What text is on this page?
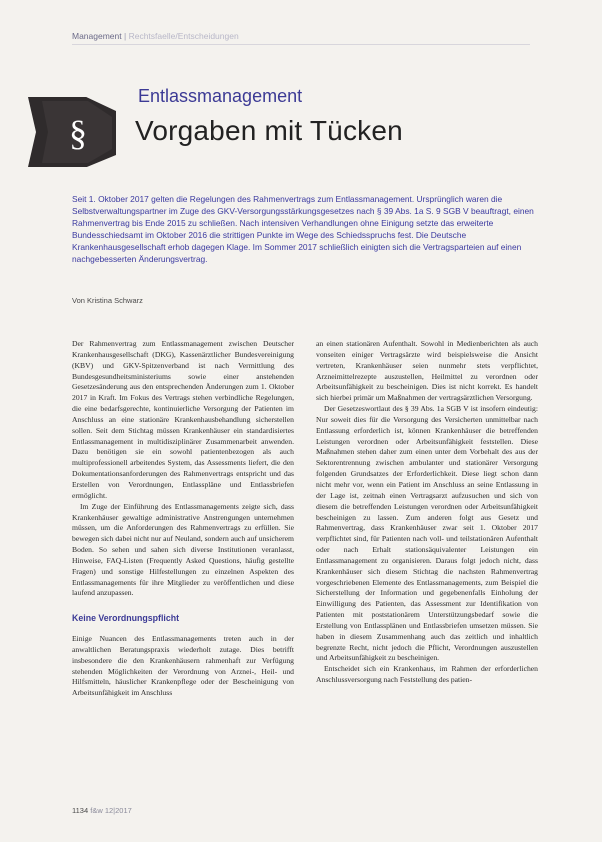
Management | Rechtsfaelle/Entscheidungen
§
Entlassmanagement
Vorgaben mit Tücken
Seit 1. Oktober 2017 gelten die Regelungen des Rahmenvertrags zum Entlassmanagement. Ursprünglich waren die Selbstverwaltungspartner im Zuge des GKV-Versorgungsstärkungsgesetzes nach § 39 Abs. 1a S. 9 SGB V beauftragt, einen Rahmenvertrag bis Ende 2015 zu schließen. Nach intensiven Verhandlungen ohne Einigung setzte das erweiterte Bundesschiedsamt im Oktober 2016 die strittigen Punkte im Wege des Schiedsspruchs fest. Die Deutsche Krankenhausgesellschaft erhob dagegen Klage. Im Sommer 2017 schließlich einigten sich die Vertragsparteien auf einen nachgebesserten Änderungsvertrag.
Von Kristina Schwarz

Der Rahmenvertrag zum Entlassmanagement zwischen Deutscher Krankenhausgesellschaft (DKG), Kassenärztlicher Bundesvereinigung (KBV) und GKV-Spitzenverband ist nach Vermittlung des Bundesgesundheitsministeriums sowie einer anstehenden Gesetzesänderung aus den entsprechenden Änderungen zum 1. Oktober 2017 in Kraft. Im Fokus des Vertrags stehen verbindliche Regelungen, die eine bedarfsgerechte, kontinuierliche Versorgung der Patienten im Anschluss an eine stationäre Krankenhausbehandlung sicherstellen sollen. Seit dem Stichtag müssen Krankenhäuser ein standardisiertes Entlassmanagement in multidisziplinärer Zusammenarbeit anwenden. Dazu benötigen sie ein sowohl patientenbezogen als auch multiprofessionell arbeitendes System, das Assessments liefert, die den Dokumentationsanforderungen des Rahmenvertrags entspricht und das Erstellen von Verordnungen, Entlasspläne und Entlassbriefen ermöglicht.

Im Zuge der Einführung des Entlassmanagements zeigte sich, dass Krankenhäuser gewaltige administrative Anstrengungen unternehmen müssen, um die Anforderungen des Rahmenvertrags zu erfüllen. Sie bewegen sich dabei nicht nur auf Neuland, sondern auch auf unsicherem Boden. So sehen und sahen sich diverse Institutionen veranlasst, Hinweise, FAQ-Listen (Frequently Asked Questions, häufig gestellte Fragen) und sonstige Hilfestellungen zu einzelnen Aspekten des Entlassmanagements für ihre Mitglieder zu veröffentlichen und diese laufend anzupassen.

Keine Verordnungspflicht

Einige Nuancen des Entlassmanagements treten auch in der anwaltlichen Beratungspraxis wiederholt zutage. Dies betrifft insbesondere die den Krankenhäusern rahmenhaft zur Verfügung stehenden Möglichkeiten der Verordnung von Arznei-, Heil- und Hilfsmitteln, häuslicher Krankenpflege oder der Bescheinigung von Arbeitsunfähigkeit im Anschluss

an einen stationären Aufenthalt. Sowohl in Medienberichten als auch vonseiten einiger Vertragsärzte wird beispielsweise die Ansicht vertreten, Krankenhäuser seien nunmehr stets verpflichtet, Arzneimittelrezepte auszustellen, Heilmittel zu verordnen oder Arbeitsunfähigkeit zu bescheinigen. Dies ist nicht korrekt. Es handelt sich hierbei primär um Maßnahmen der vertragsärztlichen Versorgung.

Der Gesetzeswortlaut des § 39 Abs. 1a SGB V ist insofern eindeutig: Nur soweit dies für die Versorgung des Versicherten unmittelbar nach Entlassung erforderlich ist, können Krankenhäuser die betreffenden Leistungen verordnen oder Arbeitsunfähigkeit feststellen. Diese Maßnahmen stehen daher zum einen unter dem Vorbehalt des aus der Sektorentrennung zwischen ambulanter und stationärer Versorgung folgenden Grundsatzes der Erforderlichkeit. Diese liegt schon dann nicht mehr vor, wenn ein Patient im Anschluss an seine Entlassung in der Lage ist, zeitnah einen Vertragsarzt aufzusuchen und sich von diesem die betreffenden Leistungen verordnen oder Arbeitsunfähigkeit bescheinigen zu lassen. Zum anderen folgt aus Gesetz und Rahmenvertrag, dass Krankenhäuser zwar seit 1. Oktober 2017 verpflichtet sind, für Patienten nach voll- und teilstationären Aufenthalt oder nach Erhalt stationsäquivalenter Leistungen ein Entlassmanagement zu organisieren. Daraus folgt jedoch nicht, dass Krankenhäuser sich diesem Stichtag die nachsten Rahmenvertrag vorgeschriebenen Elemente des Entlassmanagements, zum Beispiel die Sicherstellung der Information und gegebenenfalls Einholung der Einwilligung des Patienten, das Assessment zur Identifikation von Patienten mit poststationärem Unterstützungsbedarf sowie die Erstellung von Entlassplänen und Entlassbriefen umsetzen müssen. Sie haben in diesem Zusammenhang auch das zeitlich und inhaltlich begrenzte Recht, nicht jedoch die Pflicht, Verordnungen auszustellen und Arbeitsunfähigkeit zu bescheinigen.

Entscheidet sich ein Krankenhaus, im Rahmen der erforderlichen Anschlussversorgung nach Feststellung des patien-

1134 f&w 12|2017
